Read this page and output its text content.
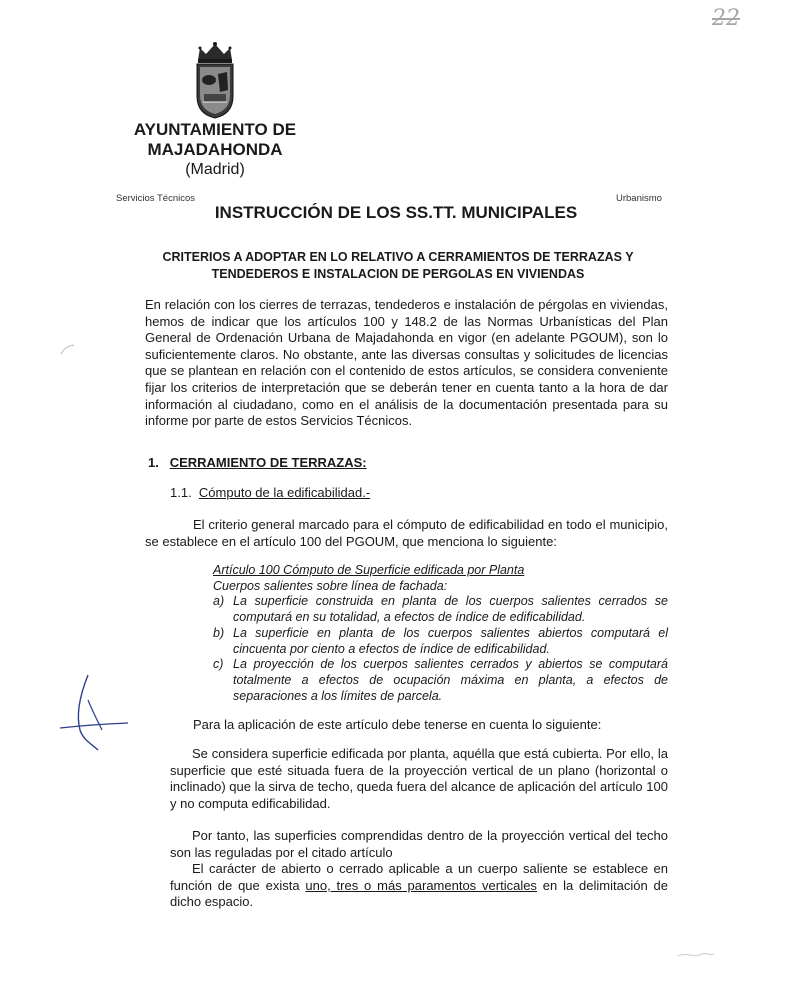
22
AYUNTAMIENTO DE
MAJADAHONDA
(Madrid)
Servicios Técnicos	Urbanismo
INSTRUCCIÓN DE LOS SS.TT. MUNICIPALES
CRITERIOS A ADOPTAR EN LO RELATIVO A CERRAMIENTOS DE TERRAZAS Y TENDEDEROS E INSTALACION DE PERGOLAS EN VIVIENDAS
En relación con los cierres de terrazas, tendederos e instalación de pérgolas en viviendas, hemos de indicar que los artículos 100 y 148.2 de las Normas Urbanísticas del Plan General de Ordenación Urbana de Majadahonda en vigor (en adelante PGOUM), son lo suficientemente claros. No obstante, ante las diversas consultas y solicitudes de licencias que se plantean en relación con el contenido de estos artículos, se considera conveniente fijar los criterios de interpretación que se deberán tener en cuenta tanto a la hora de dar información al ciudadano, como en el análisis de la documentación presentada para su informe por parte de estos Servicios Técnicos.
1. CERRAMIENTO DE TERRAZAS:
1.1. Cómputo de la edificabilidad.-
El criterio general marcado para el cómputo de edificabilidad en todo el municipio, se establece en el artículo 100 del PGOUM, que menciona lo siguiente:
Artículo 100 Cómputo de Superficie edificada por Planta
Cuerpos salientes sobre línea de fachada:
a) La superficie construida en planta de los cuerpos salientes cerrados se computará en su totalidad, a efectos de índice de edificabilidad.
b) La superficie en planta de los cuerpos salientes abiertos computará el cincuenta por ciento a efectos de índice de edificabilidad.
c) La proyección de los cuerpos salientes cerrados y abiertos se computará totalmente a efectos de ocupación máxima en planta, a efectos de separaciones a los límites de parcela.
Para la aplicación de este artículo debe tenerse en cuenta lo siguiente:
Se considera superficie edificada por planta, aquélla que está cubierta. Por ello, la superficie que esté situada fuera de la proyección vertical de un plano (horizontal o inclinado) que la sirva de techo, queda fuera del alcance de aplicación del artículo 100 y no computa edificabilidad.
Por tanto, las superficies comprendidas dentro de la proyección vertical del techo son las reguladas por el citado artículo
El carácter de abierto o cerrado aplicable a un cuerpo saliente se establece en función de que exista uno, tres o más paramentos verticales en la delimitación de dicho espacio.
